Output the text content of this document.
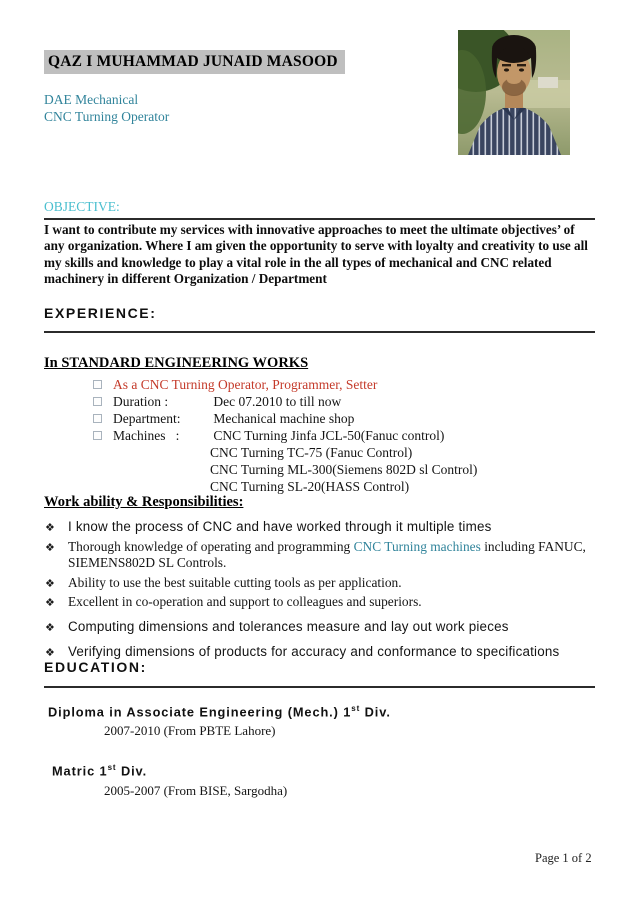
QAZ I MUHAMMAD JUNAID MASOOD
DAE Mechanical
CNC Turning Operator
OBJECTIVE:
I want to contribute my services with innovative approaches to meet the ultimate objectives’ of any organization. Where I am given the opportunity to serve with loyalty and creativity to use all my skills and knowledge to play a vital role in the all types of mechanical and CNC related machinery in different Organization / Department
EXPERIENCE:
In STANDARD ENGINEERING WORKS
As a CNC Turning Operator, Programmer, Setter
Duration :	Dec 07.2010 to till now
Department: Mechanical machine shop
Machines   :	CNC Turning Jinfa JCL-50(Fanuc control)
CNC Turning TC-75 (Fanuc Control)
CNC Turning ML-300(Siemens 802D sl Control)
CNC Turning SL-20(HASS Control)
Work ability & Responsibilities:
❖ I know the process of CNC and have worked through it multiple times
❖ Thorough knowledge of operating and programming CNC Turning machines including FANUC,
SIEMENS802D SL Controls.
❖ Ability to use the best suitable cutting tools as per application.
❖ Excellent in co-operation and support to colleagues and superiors.
❖ Computing dimensions and tolerances measure and lay out work pieces
❖ Verifying dimensions of products for accuracy and conformance to specifications
EDUCATION:
Diploma in Associate Engineering (Mech.) 1st Div.
2007-2010 (From PBTE Lahore)
Matric 1st Div.
2005-2007 (From BISE, Sargodha)
Page 1 of 2
